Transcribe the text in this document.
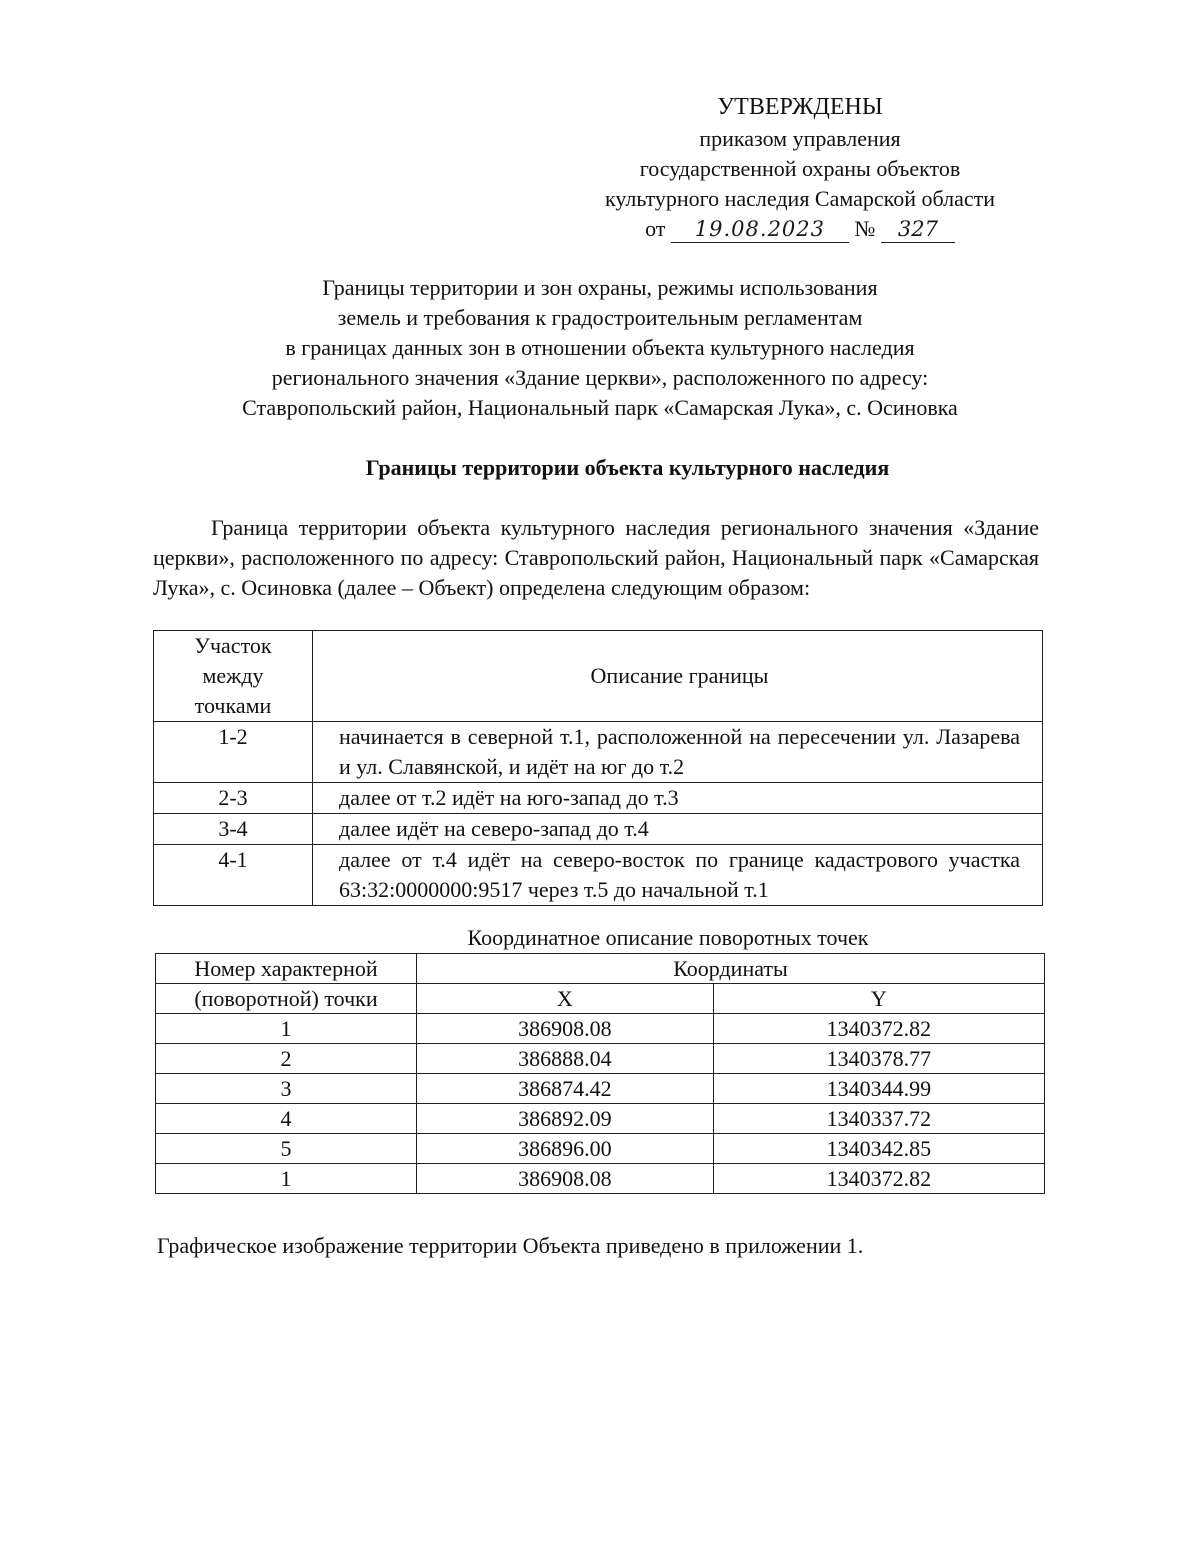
УТВЕРЖДЕНЫ
приказом управления
государственной охраны объектов
культурного наследия Самарской области
от 19.08.2023 № 327
Границы территории и зон охраны, режимы использования
земель и требования к градостроительным регламентам
в границах данных зон в отношении объекта культурного наследия
регионального значения «Здание церкви», расположенного по адресу:
Ставропольский район, Национальный парк «Самарская Лука», с. Осиновка
Границы территории объекта культурного наследия
Граница территории объекта культурного наследия регионального значения «Здание церкви», расположенного по адресу: Ставропольский район, Национальный парк «Самарская Лука», с. Осиновка (далее – Объект) определена следующим образом:
Участок
между
точками	Описание границы
1-2	начинается в северной т.1, расположенной на пересечении ул. Лазарева и ул. Славянской, и идёт на юг до т.2
2-3	далее от т.2 идёт на юго-запад до т.3
3-4	далее идёт на северо-запад до т.4
4-1	далее от т.4 идёт на северо-восток по границе кадастрового участка 63:32:0000000:9517 через т.5 до начальной т.1
Координатное описание поворотных точек
Номер характерной	Координаты	
(поворотной) точки	X	Y
1	386908.08	1340372.82
2	386888.04	1340378.77
3	386874.42	1340344.99
4	386892.09	1340337.72
5	386896.00	1340342.85
1	386908.08	1340372.82
Графическое изображение территории Объекта приведено в приложении 1.
